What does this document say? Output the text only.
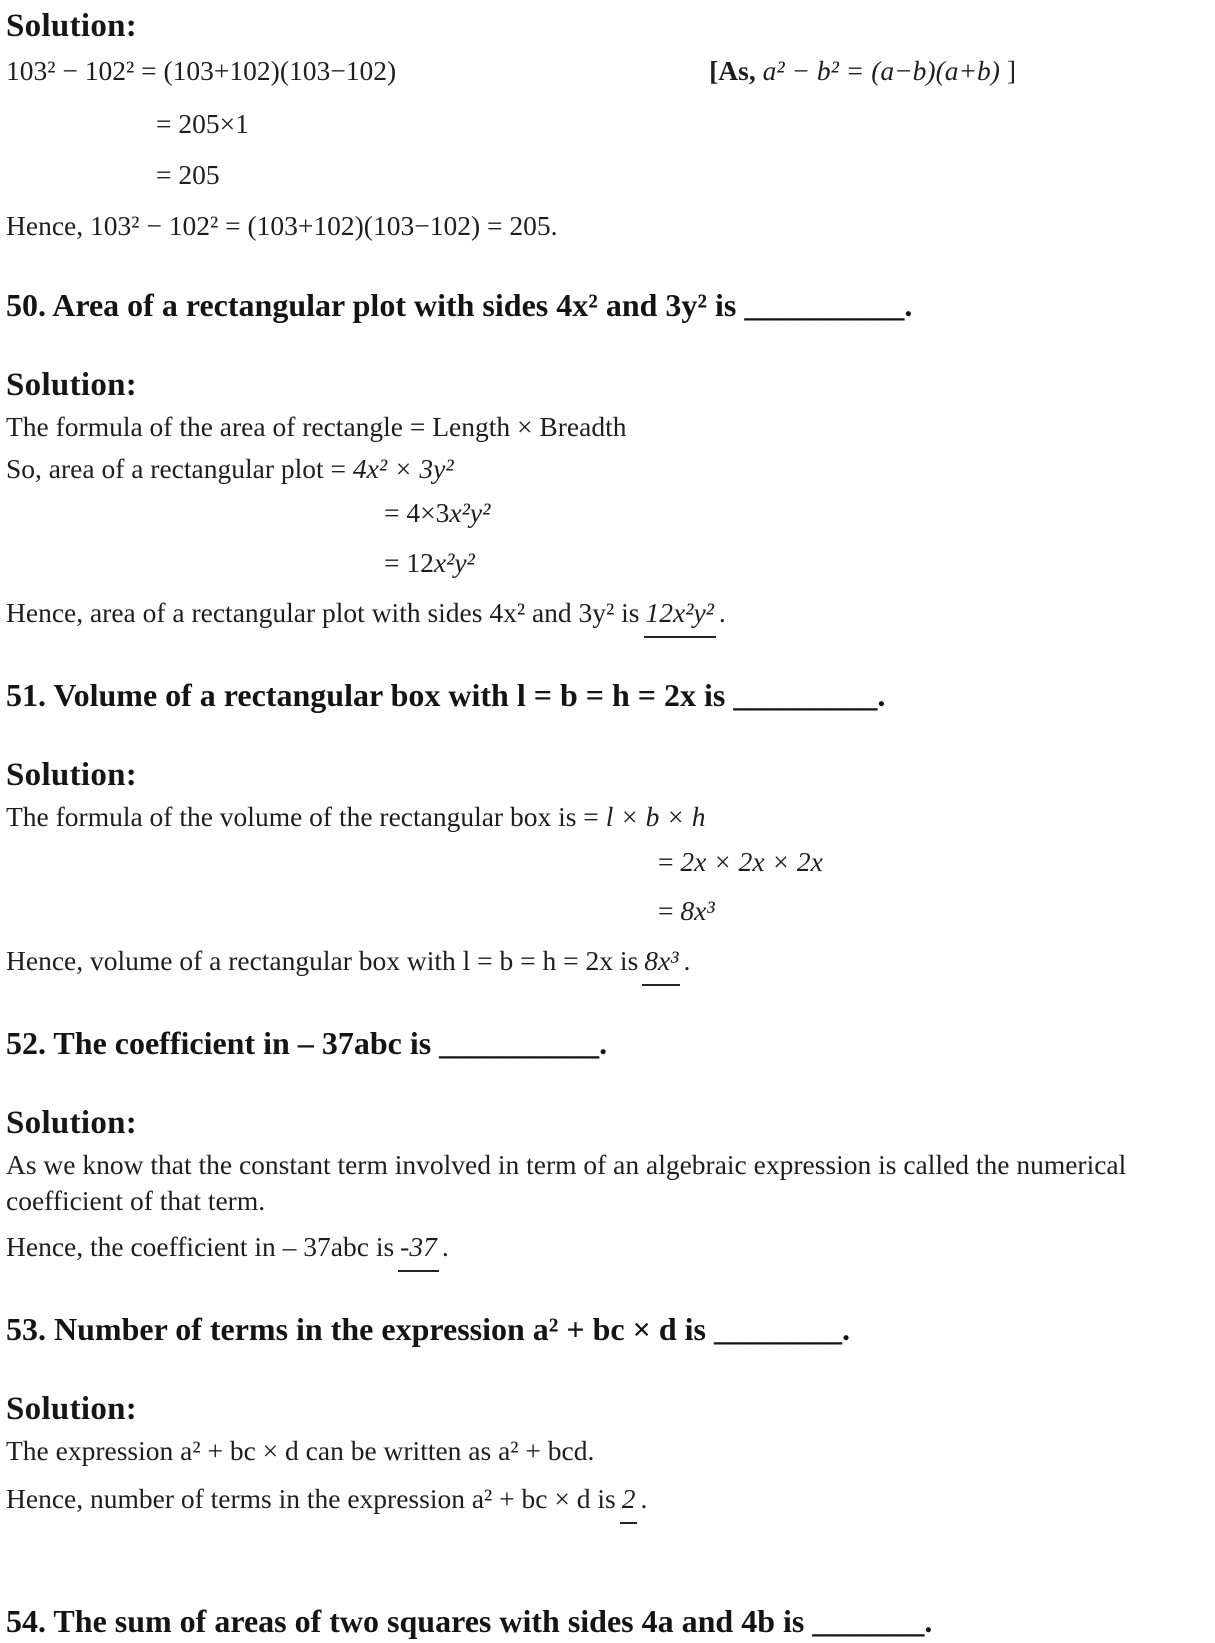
Solution:
103² − 102² = (103+102)(103−102)	[As, a² − b² = (a−b)(a+b) ]
= 205×1
= 205
Hence, 103² − 102² = (103+102)(103−102) = 205.
50. Area of a rectangular plot with sides 4x² and 3y² is __________.
Solution:
The formula of the area of rectangle = Length × Breadth
So, area of a rectangular plot = 4x² × 3y²
= 4×3x²y²
= 12x²y²
Hence, area of a rectangular plot with sides 4x² and 3y² is 12x²y² .
51. Volume of a rectangular box with l = b = h = 2x is _________.
Solution:
The formula of the volume of the rectangular box is = l × b × h
= 2x × 2x × 2x
= 8x³
Hence, volume of a rectangular box with l = b = h = 2x is 8x³ .
52. The coefficient in – 37abc is __________.
Solution:
As we know that the constant term involved in term of an algebraic expression is called the numerical coefficient of that term.
Hence, the coefficient in – 37abc is -37 .
53. Number of terms in the expression a² + bc × d is ________.
Solution:
The expression a² + bc × d can be written as a² + bcd.
Hence, number of terms in the expression a² + bc × d is 2 .
54. The sum of areas of two squares with sides 4a and 4b is _______.
